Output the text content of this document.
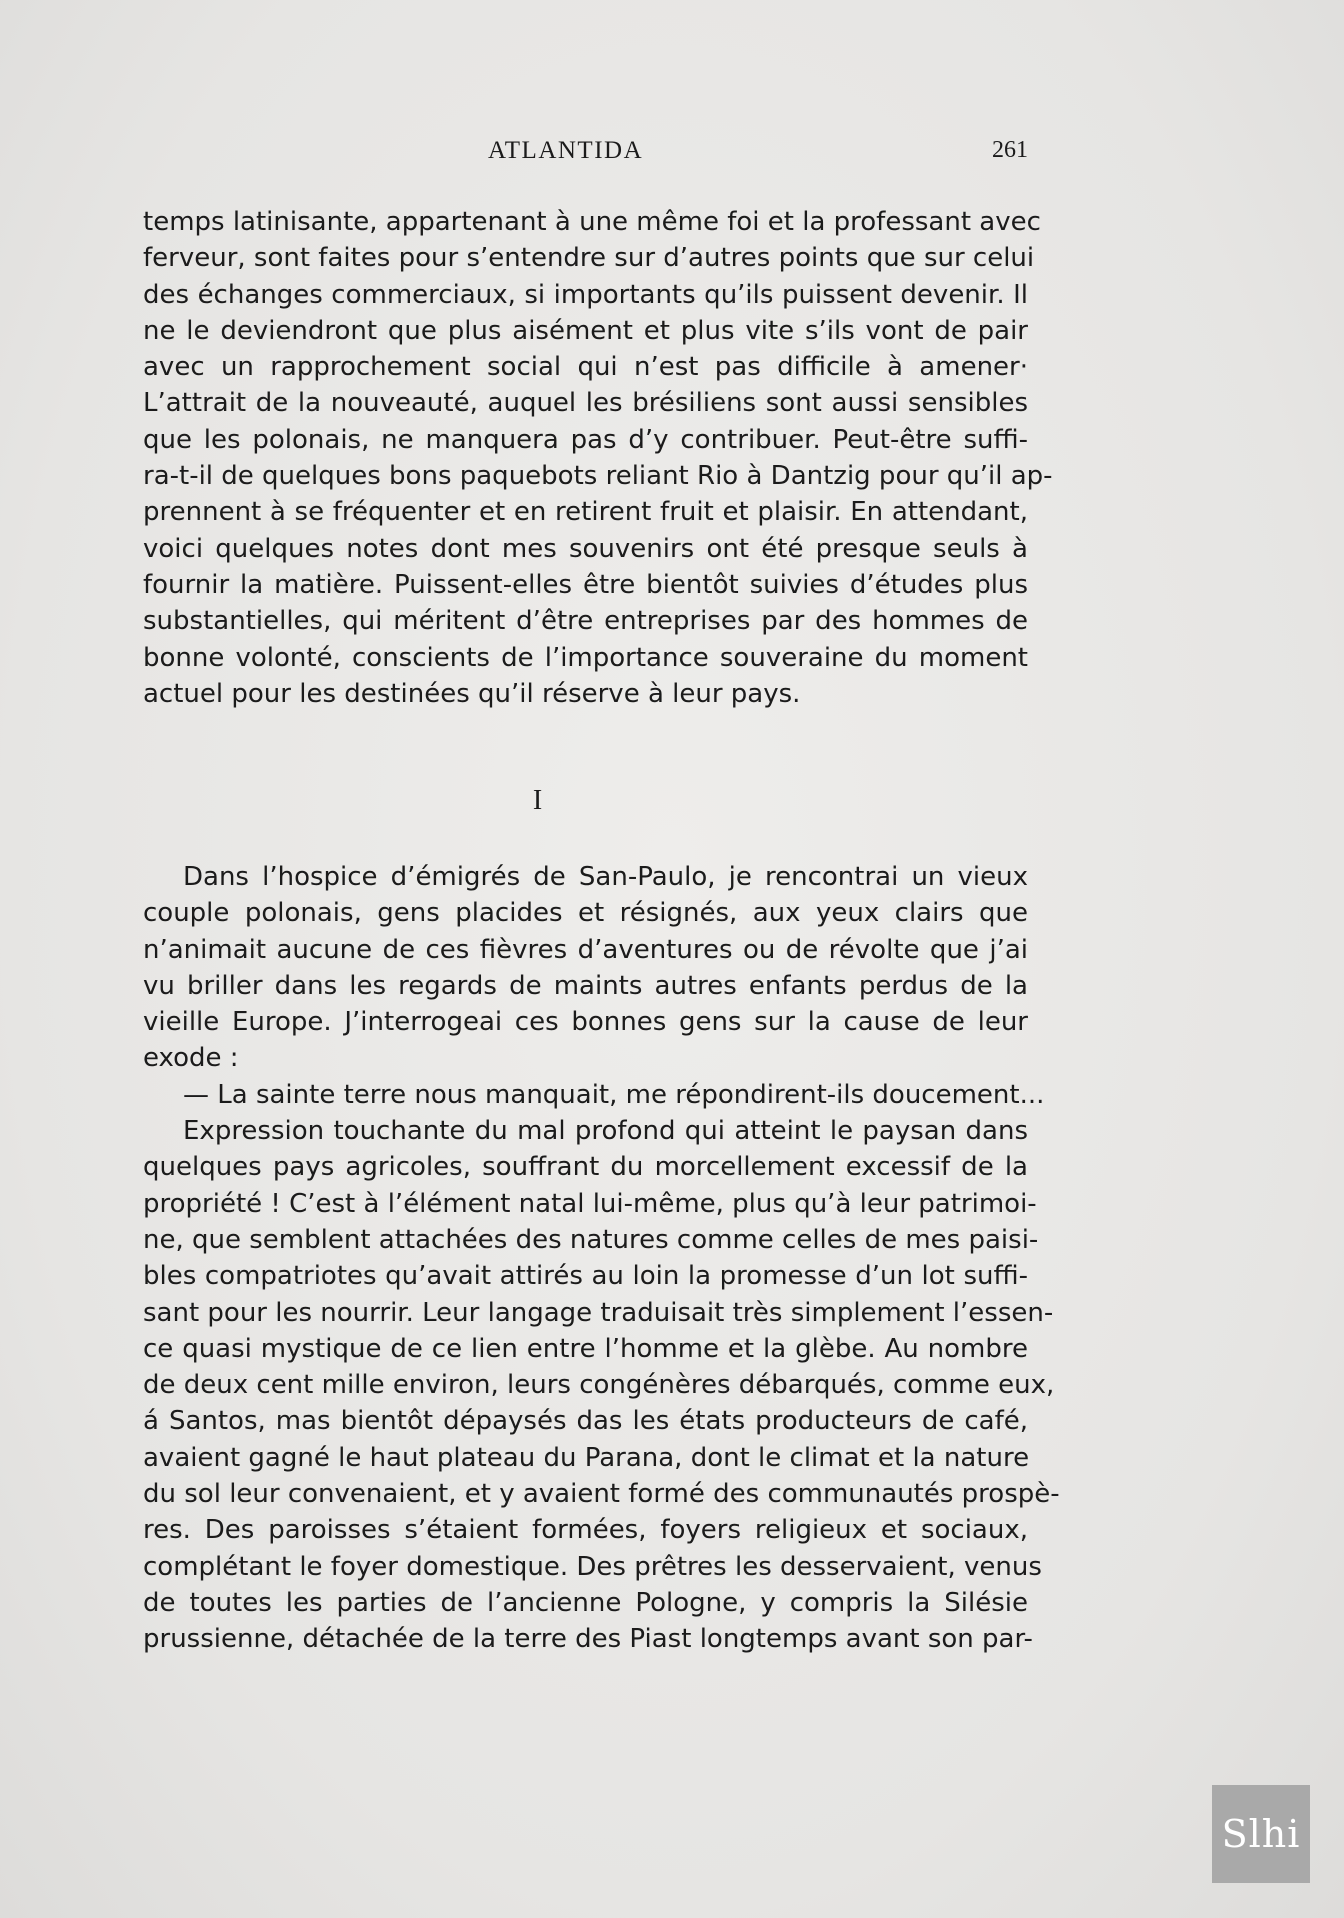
ATLANTIDA	261
temps latinisante, appartenant à une même foi et la professant avec
ferveur, sont faites pour s’entendre sur d’autres points que sur celui
des échanges commerciaux, si importants qu’ils puissent devenir. Il
ne le deviendront que plus aisément et plus vite s’ils vont de pair
avec un rapprochement social qui n’est pas difficile à amener·
L’attrait de la nouveauté, auquel les brésiliens sont aussi sensibles
que les polonais, ne manquera pas d’y contribuer. Peut-être suffi-
ra-t-il de quelques bons paquebots reliant Rio à Dantzig pour qu’il ap-
prennent à se fréquenter et en retirent fruit et plaisir. En attendant,
voici quelques notes dont mes souvenirs ont été presque seuls à
fournir la matière. Puissent-elles être bientôt suivies d’études plus
substantielles, qui méritent d’être entreprises par des hommes de
bonne volonté, conscients de l’importance souveraine du moment
actuel pour les destinées qu’il réserve à leur pays.
I
Dans l’hospice d’émigrés de San-Paulo, je rencontrai un vieux
couple polonais, gens placides et résignés, aux yeux clairs que
n’animait aucune de ces fièvres d’aventures ou de révolte que j’ai
vu briller dans les regards de maints autres enfants perdus de la
vieille Europe. J’interrogeai ces bonnes gens sur la cause de leur
exode :
— La sainte terre nous manquait, me répondirent-ils doucement...
Expression touchante du mal profond qui atteint le paysan dans
quelques pays agricoles, souffrant du morcellement excessif de la
propriété ! C’est à l’élément natal lui-même, plus qu’à leur patrimoi-
ne, que semblent attachées des natures comme celles de mes paisi-
bles compatriotes qu’avait attirés au loin la promesse d’un lot suffi-
sant pour les nourrir. Leur langage traduisait très simplement l’essen-
ce quasi mystique de ce lien entre l’homme et la glèbe. Au nombre
de deux cent mille environ, leurs congénères débarqués, comme eux,
á Santos, mas bientôt dépaysés das les états producteurs de café,
avaient gagné le haut plateau du Parana, dont le climat et la nature
du sol leur convenaient, et y avaient formé des communautés prospè-
res. Des paroisses s’étaient formées, foyers religieux et sociaux,
complétant le foyer domestique. Des prêtres les desservaient, venus
de toutes les parties de l’ancienne Pologne, y compris la Silésie
prussienne, détachée de la terre des Piast longtemps avant son par-
Slhi
